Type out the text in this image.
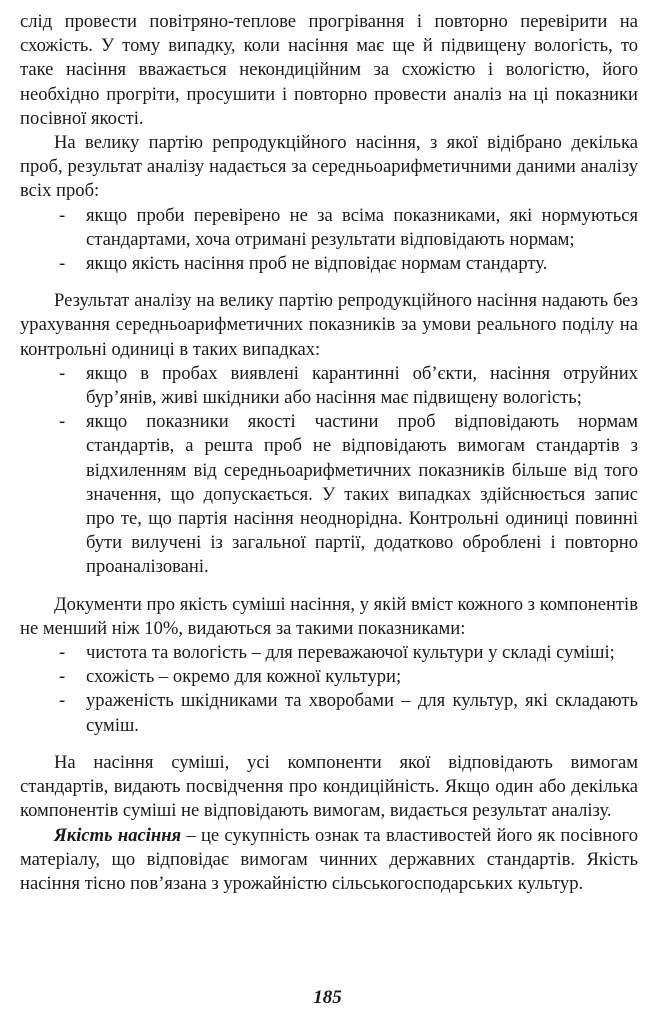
слід провести повітряно-теплове прогрівання і повторно перевірити на схожість. У тому випадку, коли насіння має ще й підвищену вологість, то таке насіння вважається некондиційним за схожістю і вологістю, його необхідно прогріти, просушити і повторно провести аналіз на ці показники посівної якості.

На велику партію репродукційного насіння, з якої відібрано декілька проб, результат аналізу надається за середньоарифметичними даними аналізу всіх проб:

- якщо проби перевірено не за всіма показниками, які нормуються стандартами, хоча отримані результати відповідають нормам;
- якщо якість насіння проб не відповідає нормам стандарту.

Результат аналізу на велику партію репродукційного насіння надають без урахування середньоарифметичних показників за умови реального поділу на контрольні одиниці в таких випадках:

- якщо в пробах виявлені карантинні об’єкти, насіння отруйних бур’янів, живі шкідники або насіння має підвищену вологість;
- якщо показники якості частини проб відповідають нормам стандартів, а решта проб не відповідають вимогам стандартів з відхиленням від середньоарифметичних показників більше від того значення, що допускається. У таких випадках здійснюється запис про те, що партія насіння неоднорідна. Контрольні одиниці повинні бути вилучені із загальної партії, додатково оброблені і повторно проаналізовані.

Документи про якість суміші насіння, у якій вміст кожного з компонентів не менший ніж 10%, видаються за такими показниками:

- чистота та вологість – для переважаючої культури у складі суміші;
- схожість – окремо для кожної культури;
- ураженість шкідниками та хворобами – для культур, які складають суміш.

На насіння суміші, усі компоненти якої відповідають вимогам стандартів, видають посвідчення про кондиційність. Якщо один або декілька компонентів суміші не відповідають вимогам, видається результат аналізу.

Якість насіння – це сукупність ознак та властивостей його як посівного матеріалу, що відповідає вимогам чинних державних стандартів. Якість насіння тісно пов’язана з урожайністю сільськогосподарських культур.

185
